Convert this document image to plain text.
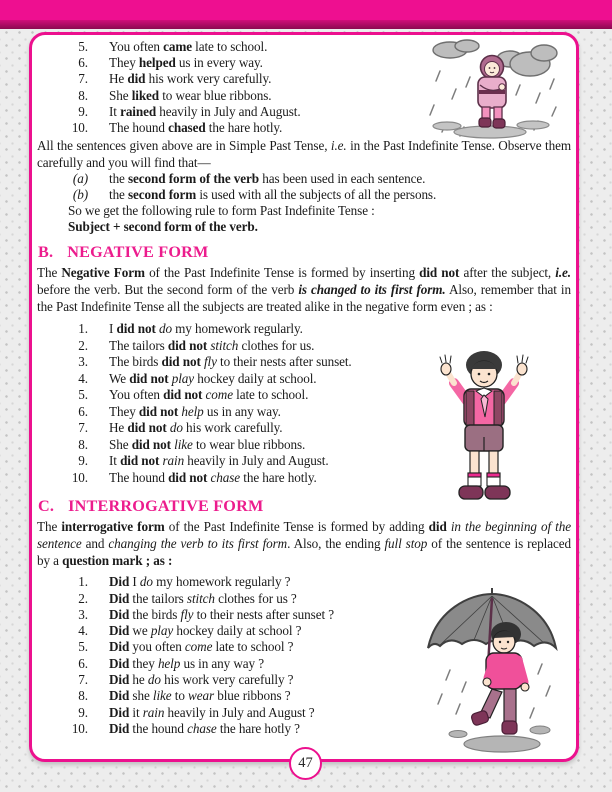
5. You often came late to school.
6. They helped us in every way.
7. He did his work very carefully.
8. She liked to wear blue ribbons.
9. It rained heavily in July and August.
10. The hound chased the hare hotly.

All the sentences given above are in Simple Past Tense, i.e. in the Past Indefinite Tense. Observe them carefully and you will find that—

(a) the second form of the verb has been used in each sentence.
(b) the second form is used with all the subjects of all the persons.
So we get the following rule to form Past Indefinite Tense :
Subject + second form of the verb.
B. NEGATIVE FORM

The Negative Form of the Past Indefinite Tense is formed by inserting did not after the subject, i.e. before the verb. But the second form of the verb is changed to its first form. Also, remember that in the Past Indefinite Tense all the subjects are treated alike in the negative form even ; as :

1. I did not do my homework regularly.
2. The tailors did not stitch clothes for us.
3. The birds did not fly to their nests after sunset.
4. We did not play hockey daily at school.
5. You often did not come late to school.
6. They did not help us in any way.
7. He did not do his work carefully.
8. She did not like to wear blue ribbons.
9. It did not rain heavily in July and August.
10. The hound did not chase the hare hotly.
C. INTERROGATIVE FORM

The interrogative form of the Past Indefinite Tense is formed by adding did in the beginning of the sentence and changing the verb to its first form. Also, the ending full stop of the sentence is replaced by a question mark ; as :

1. Did I do my homework regularly ?
2. Did the tailors stitch clothes for us ?
3. Did the birds fly to their nests after sunset ?
4. Did we play hockey daily at school ?
5. Did you often come late to school ?
6. Did they help us in any way ?
7. Did he do his work very carefully ?
8. Did she like to wear blue ribbons ?
9. Did it rain heavily in July and August ?
10. Did the hound chase the hare hotly ?
47
